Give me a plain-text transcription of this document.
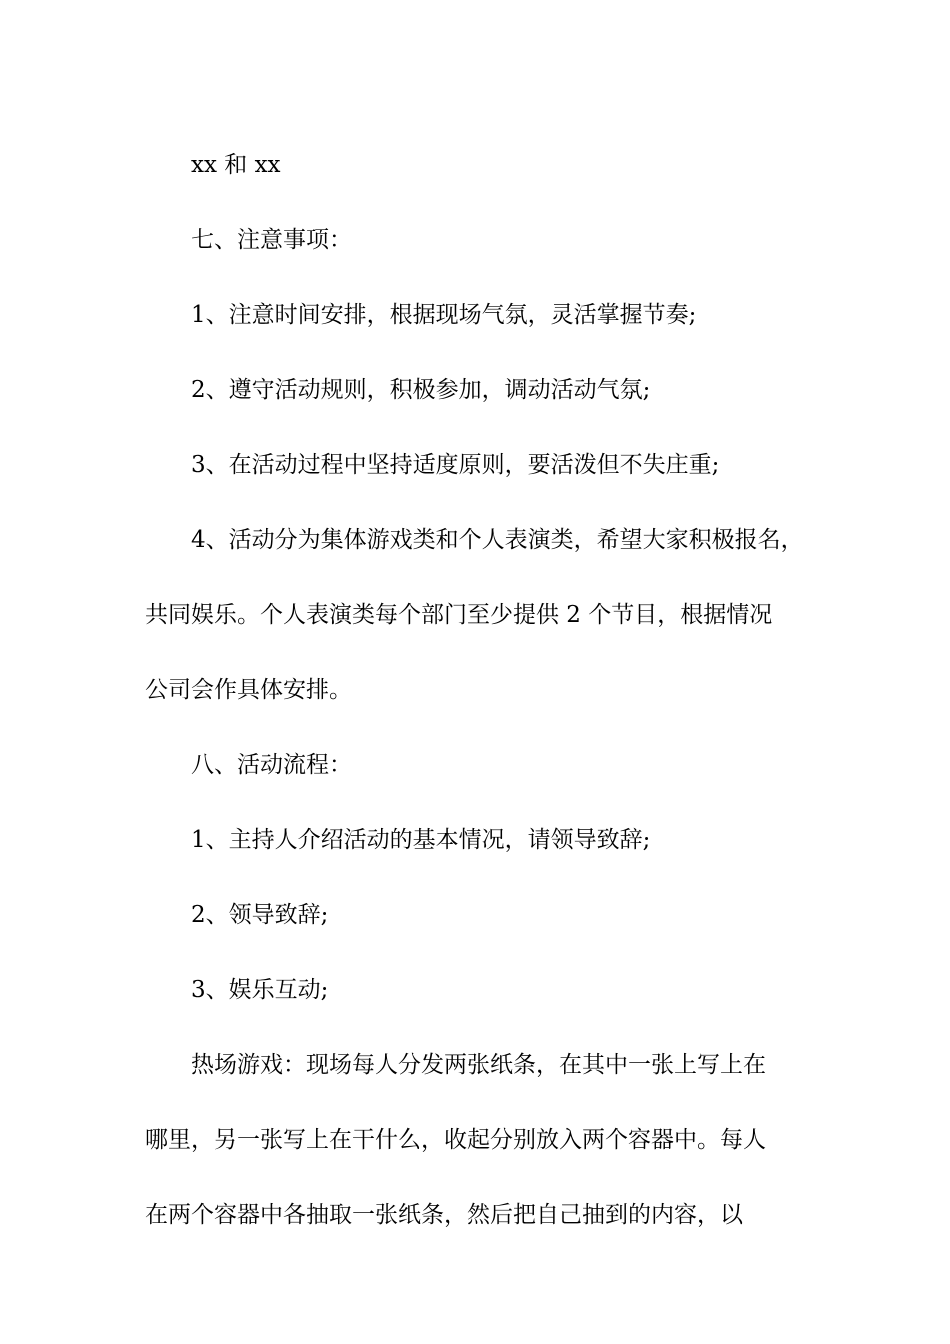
xx 和 xx
七、注意事项：
1、注意时间安排，根据现场气氛，灵活掌握节奏;
2、遵守活动规则，积极参加，调动活动气氛;
3、在活动过程中坚持适度原则，要活泼但不失庄重;
4、活动分为集体游戏类和个人表演类，希望大家积极报名，
共同娱乐。个人表演类每个部门至少提供 2 个节目，根据情况
公司会作具体安排。
八、活动流程：
1、主持人介绍活动的基本情况，请领导致辞;
2、领导致辞;
3、娱乐互动;
热场游戏：现场每人分发两张纸条，在其中一张上写上在
哪里，另一张写上在干什么，收起分别放入两个容器中。每人
在两个容器中各抽取一张纸条，然后把自己抽到的内容，以
